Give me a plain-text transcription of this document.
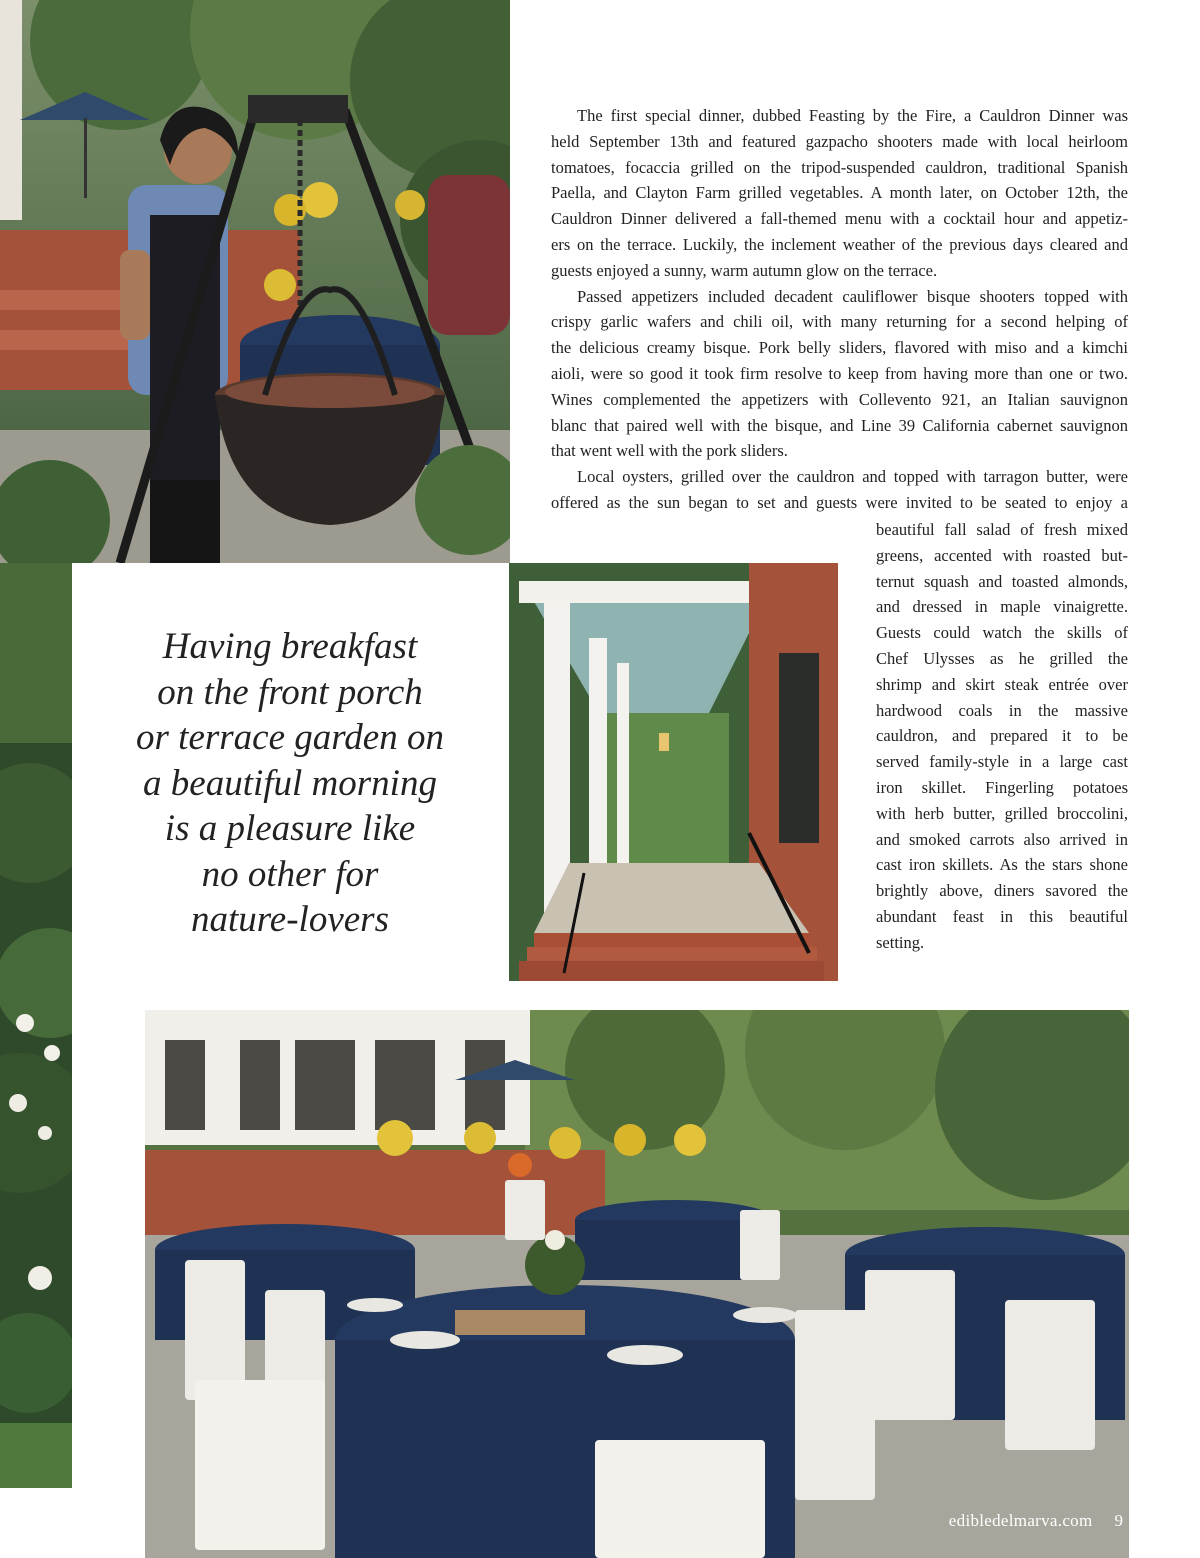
Having breakfast
on the front porch
or terrace garden on
a beautiful morning
is a pleasure like
no other for
nature-lovers
The first special dinner, dubbed Feasting by the Fire, a Cauldron Dinner was
held September 13th and featured gazpacho shooters made with local heirloom
tomatoes, focaccia grilled on the tripod-suspended cauldron, traditional Spanish
Paella, and Clayton Farm grilled vegetables. A month later, on October 12th, the
Cauldron Dinner delivered a fall-themed menu with a cocktail hour and appetiz-
ers on the terrace. Luckily, the inclement weather of the previous days cleared and
guests enjoyed a sunny, warm autumn glow on the terrace.
Passed appetizers included decadent cauliflower bisque shooters topped with
crispy garlic wafers and chili oil, with many returning for a second helping of
the delicious creamy bisque. Pork belly sliders, flavored with miso and a kimchi
aioli, were so good it took firm resolve to keep from having more than one or two.
Wines complemented the appetizers with Collevento 921, an Italian sauvignon
blanc that paired well with the bisque, and Line 39 California cabernet sauvignon
that went well with the pork sliders.
Local oysters, grilled over the cauldron and topped with tarragon butter, were
offered as the sun began to set and guests were invited to be seated to enjoy a
beautiful fall salad of fresh mixed
greens, accented with roasted but-
ternut squash and toasted almonds,
and dressed in maple vinaigrette.
Guests could watch the skills of
Chef Ulysses as he grilled the
shrimp and skirt steak entrée over
hardwood coals in the massive
cauldron, and prepared it to be
served family-style in a large cast
iron skillet. Fingerling potatoes
with herb butter, grilled broccolini,
and smoked carrots also arrived in
cast iron skillets. As the stars shone
brightly above, diners savored the
abundant feast in this beautiful
setting.
edibledelmarva.com 9
